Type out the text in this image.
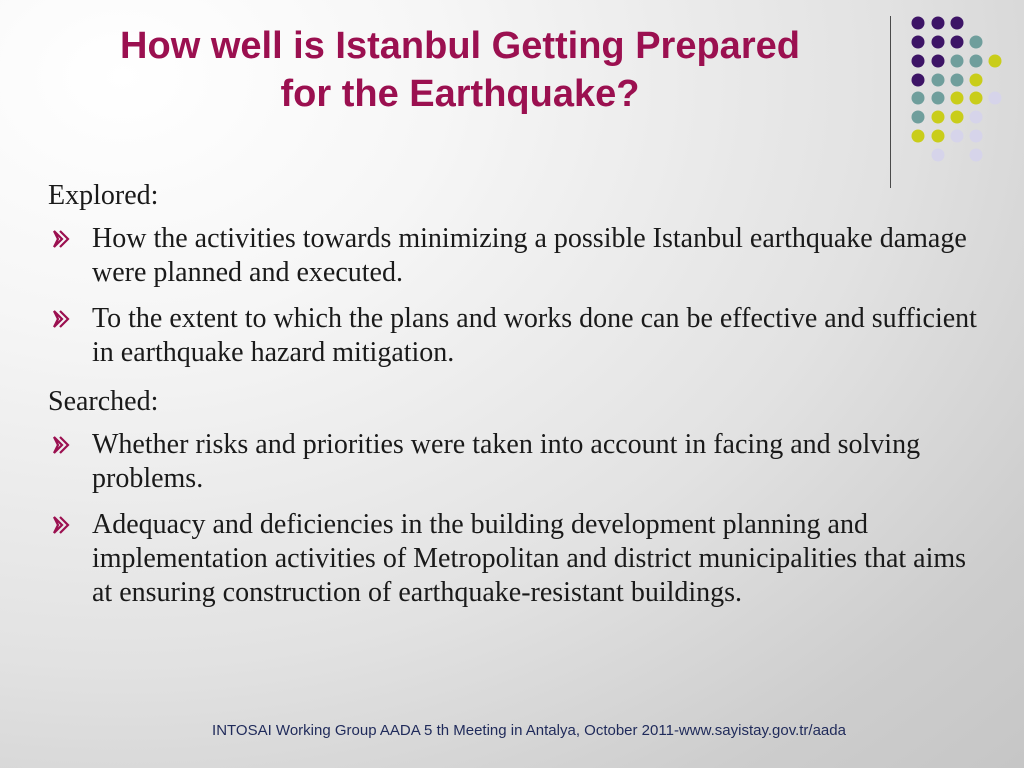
How well is Istanbul Getting Prepared
for the Earthquake?
Explored:
How the activities towards minimizing a possible Istanbul earthquake damage were planned and executed.
To the extent to which the plans and works done can be effective and sufficient in earthquake hazard mitigation.
Searched:
Whether risks and priorities were taken into account in facing and solving problems.
Adequacy and deficiencies in the building development planning and implementation activities of Metropolitan and district municipalities that aims at ensuring construction of earthquake-resistant buildings.
INTOSAI Working Group AADA 5 th Meeting in Antalya, October 2011-www.sayistay.gov.tr/aada
